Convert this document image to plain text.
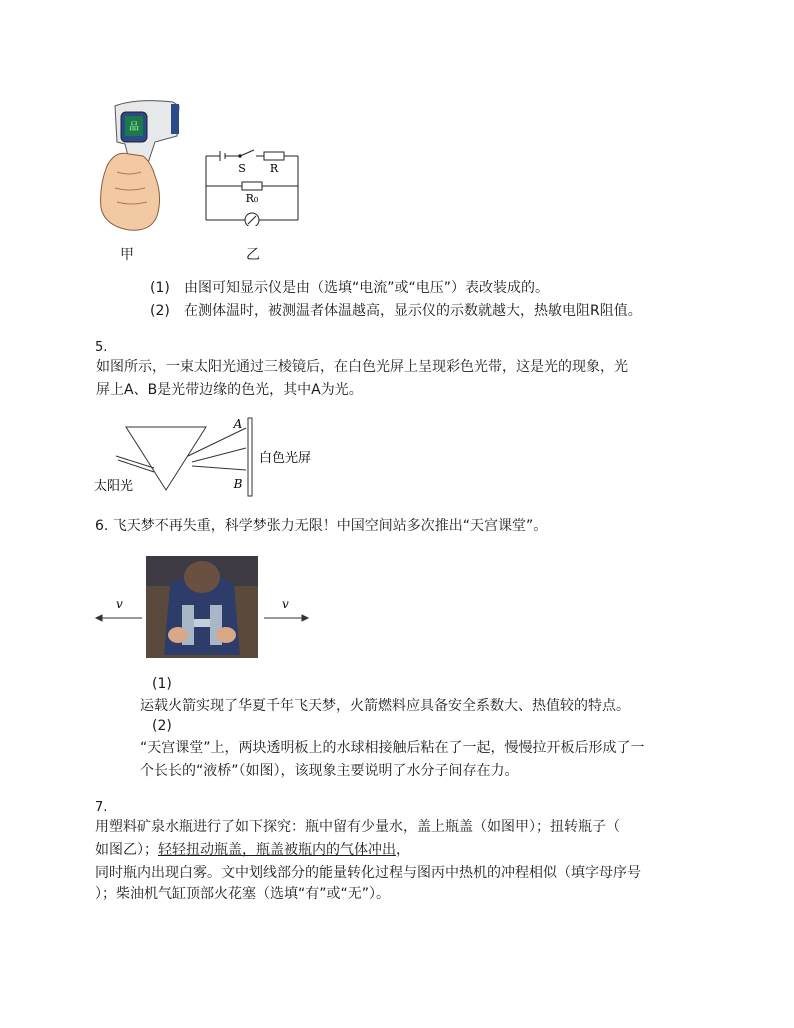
品
甲
S R
R₀
乙
(1) 由图可知显示仪是由（选填“电流”或“电压”）表改装成的。
(2) 在测体温时，被测温者体温越高，显示仪的示数就越大，热敏电阻R阻值。
5.
如图所示，一束太阳光通过三棱镜后，在白色光屏上呈现彩色光带，这是光的现象，光
屏上A、B是光带边缘的色光，其中A为光。
A
B
白色光屏
太阳光
6. 飞天梦不再失重，科学梦张力无限！中国空间站多次推出“天宫课堂”。
v	v
(1)
运载火箭实现了华夏千年飞天梦，火箭燃料应具备安全系数大、热值较的特点。
(2)
“天宫课堂”上，两块透明板上的水球相接触后粘在了一起，慢慢拉开板后形成了一
个长长的“液桥”（如图），该现象主要说明了水分子间存在力。
7.
用塑料矿泉水瓶进行了如下探究：瓶中留有少量水，盖上瓶盖（如图甲）；扭转瓶子（
如图乙）；轻轻扭动瓶盖，瓶盖被瓶内的气体冲出，
同时瓶内出现白雾。文中划线部分的能量转化过程与图丙中热机的冲程相似（填字母序号
）；柴油机气缸顶部火花塞（选填“有”或“无”）。
